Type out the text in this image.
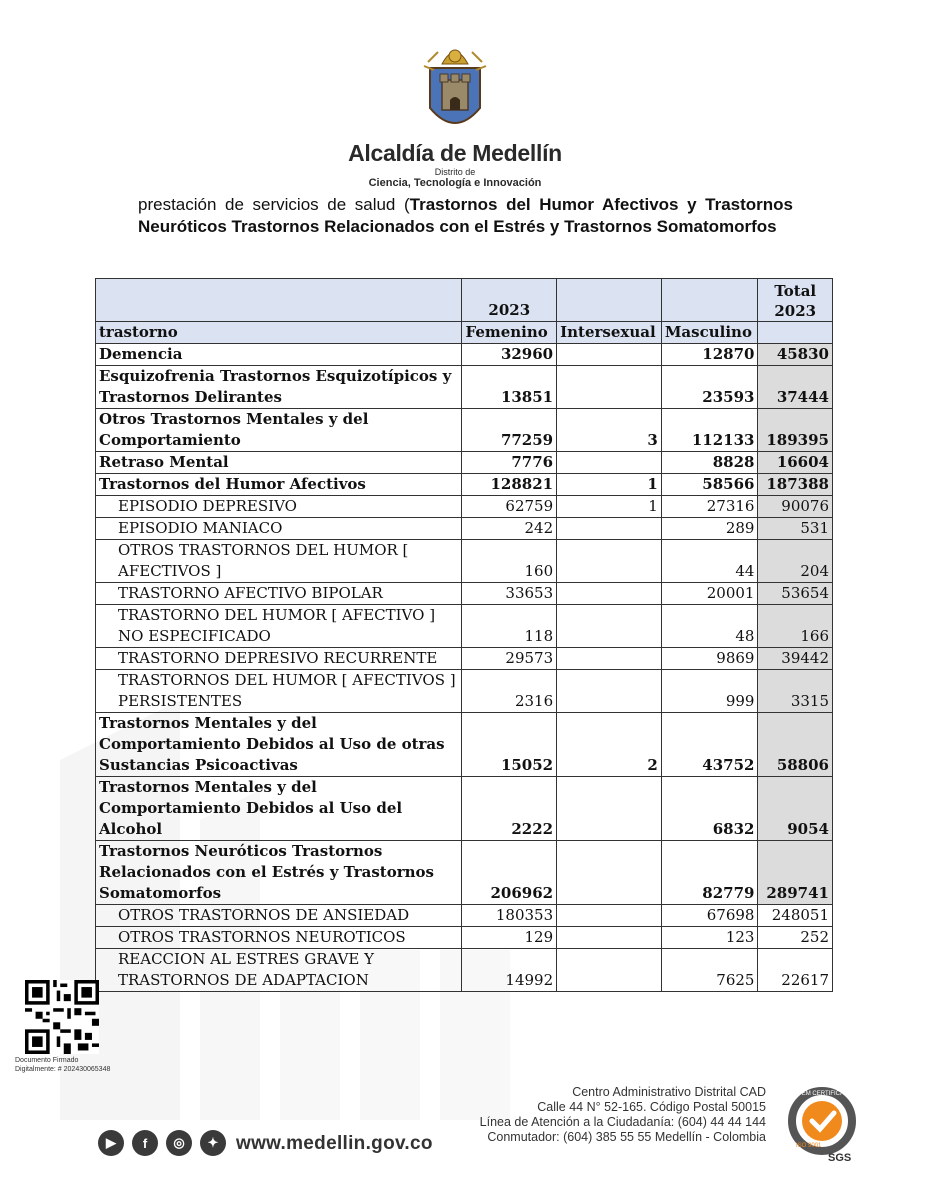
Alcaldía de Medellín
Distrito de
Ciencia, Tecnología e Innovación
prestación de servicios de salud (Trastornos del Humor Afectivos y Trastornos Neuróticos Trastornos Relacionados con el Estrés y Trastornos Somatomorfos
	2023			Total
2023
trastorno	Femenino	Intersexual	Masculino	
Demencia	32960		12870	45830
Esquizofrenia Trastornos Esquizotípicos y Trastornos Delirantes	13851		23593	37444
Otros Trastornos Mentales y del Comportamiento	77259	3	112133	189395
Retraso Mental	7776		8828	16604
Trastornos del Humor Afectivos	128821	1	58566	187388
EPISODIO DEPRESIVO	62759	1	27316	90076
EPISODIO MANIACO	242		289	531
OTROS TRASTORNOS DEL HUMOR [ AFECTIVOS ]	160		44	204
TRASTORNO AFECTIVO BIPOLAR	33653		20001	53654
TRASTORNO DEL HUMOR [ AFECTIVO ] NO ESPECIFICADO	118		48	166
TRASTORNO DEPRESIVO RECURRENTE	29573		9869	39442
TRASTORNOS DEL HUMOR [ AFECTIVOS ] PERSISTENTES	2316		999	3315
Trastornos Mentales y del Comportamiento Debidos al Uso de otras Sustancias Psicoactivas	15052	2	43752	58806
Trastornos Mentales y del Comportamiento Debidos al Uso del Alcohol	2222		6832	9054
Trastornos Neuróticos Trastornos Relacionados con el Estrés y Trastornos Somatomorfos	206962		82779	289741
OTROS TRASTORNOS DE ANSIEDAD	180353		67698	248051
OTROS TRASTORNOS NEUROTICOS	129		123	252
REACCION AL ESTRES GRAVE Y TRASTORNOS DE ADAPTACION	14992		7625	22617
Documento Firmado
Digitalmente: # 202430065348
▶	f	◎	✦ www.medellin.gov.co
Centro Administrativo Distrital CAD
Calle 44 N° 52-165. Código Postal 50015
Línea de Atención a la Ciudadanía: (604) 44 44 144
Conmutador: (604) 385 55 55 Medellín - Colombia
SYSTEM CERTIFICATION
ISO 9001
SGS
